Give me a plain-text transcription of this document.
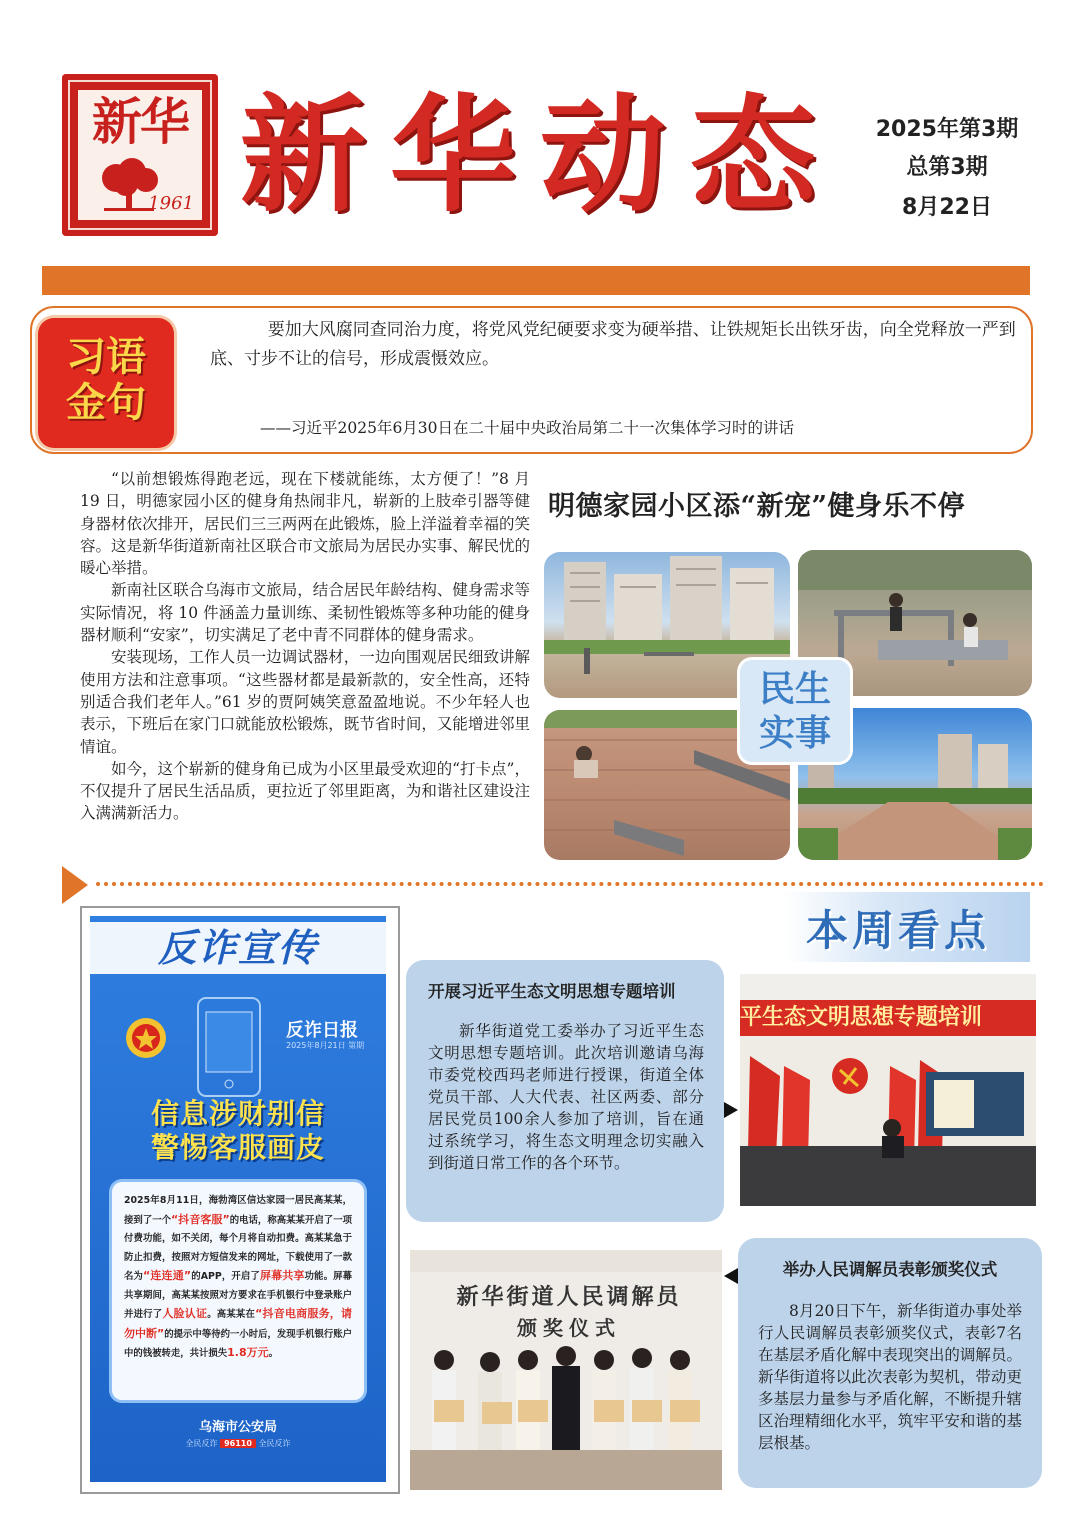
新华
1961 新华动态	2025年第3期
总第3期
8月22日
习语
金句
要加大风腐同查同治力度，将党风党纪硬要求变为硬举措、让铁规矩长出铁牙齿，向全党释放一严到底、寸步不让的信号，形成震慑效应。
——习近平2025年6月30日在二十届中央政治局第二十一次集体学习时的讲话

“以前想锻炼得跑老远，现在下楼就能练，太方便了！”8 月 19 日，明德家园小区的健身角热闹非凡，崭新的上肢牵引器等健身器材依次排开，居民们三三两两在此锻炼，脸上洋溢着幸福的笑容。这是新华街道新南社区联合市文旅局为居民办实事、解民忧的暖心举措。

新南社区联合乌海市文旅局，结合居民年龄结构、健身需求等实际情况，将 10 件涵盖力量训练、柔韧性锻炼等多种功能的健身器材顺利“安家”，切实满足了老中青不同群体的健身需求。

安装现场，工作人员一边调试器材，一边向围观居民细致讲解使用方法和注意事项。“这些器材都是最新款的，安全性高，还特别适合我们老年人。”61 岁的贾阿姨笑意盈盈地说。不少年轻人也表示，下班后在家门口就能放松锻炼，既节省时间，又能增进邻里情谊。

如今，这个崭新的健身角已成为小区里最受欢迎的“打卡点”，不仅提升了居民生活品质，更拉近了邻里距离，为和谐社区建设注入满满新活力。

明德家园小区添“新宠”健身乐不停
民生
实事
反诈宣传
反诈日报
2025年8月21日 第期
信息涉财别信
警惕客服画皮
2025年8月11日，海勃湾区信达家园一居民高某某，接到了一个“抖音客服”的电话，称高某某开启了一项付费功能，如不关闭，每个月将自动扣费。高某某急于防止扣费，按照对方短信发来的网址，下载使用了一款名为“连连通”的APP，开启了屏幕共享功能。屏幕共享期间，高某某按照对方要求在手机银行中登录账户并进行了人脸认证。高某某在“抖音电商服务，请勿中断”的提示中等待约一小时后，发现手机银行账户中的钱被转走，共计损失1.8万元。
乌海市公安局
全民反诈 96110 全民反诈
本周看点
开展习近平生态文明思想专题培训

新华街道党工委举办了习近平生态文明思想专题培训。此次培训邀请乌海市委党校西玛老师进行授课，街道全体党员干部、人大代表、社区两委、部分居民党员100余人参加了培训，旨在通过系统学习，将生态文明理念切实融入到街道日常工作的各个环节。

平生态文明思想专题培训
新华街道人民调解员
颁奖仪式
举办人民调解员表彰颁奖仪式

8月20日下午，新华街道办事处举行人民调解员表彰颁奖仪式，表彰7名在基层矛盾化解中表现突出的调解员。新华街道将以此次表彰为契机，带动更多基层力量参与矛盾化解，不断提升辖区治理精细化水平，筑牢平安和谐的基层根基。
